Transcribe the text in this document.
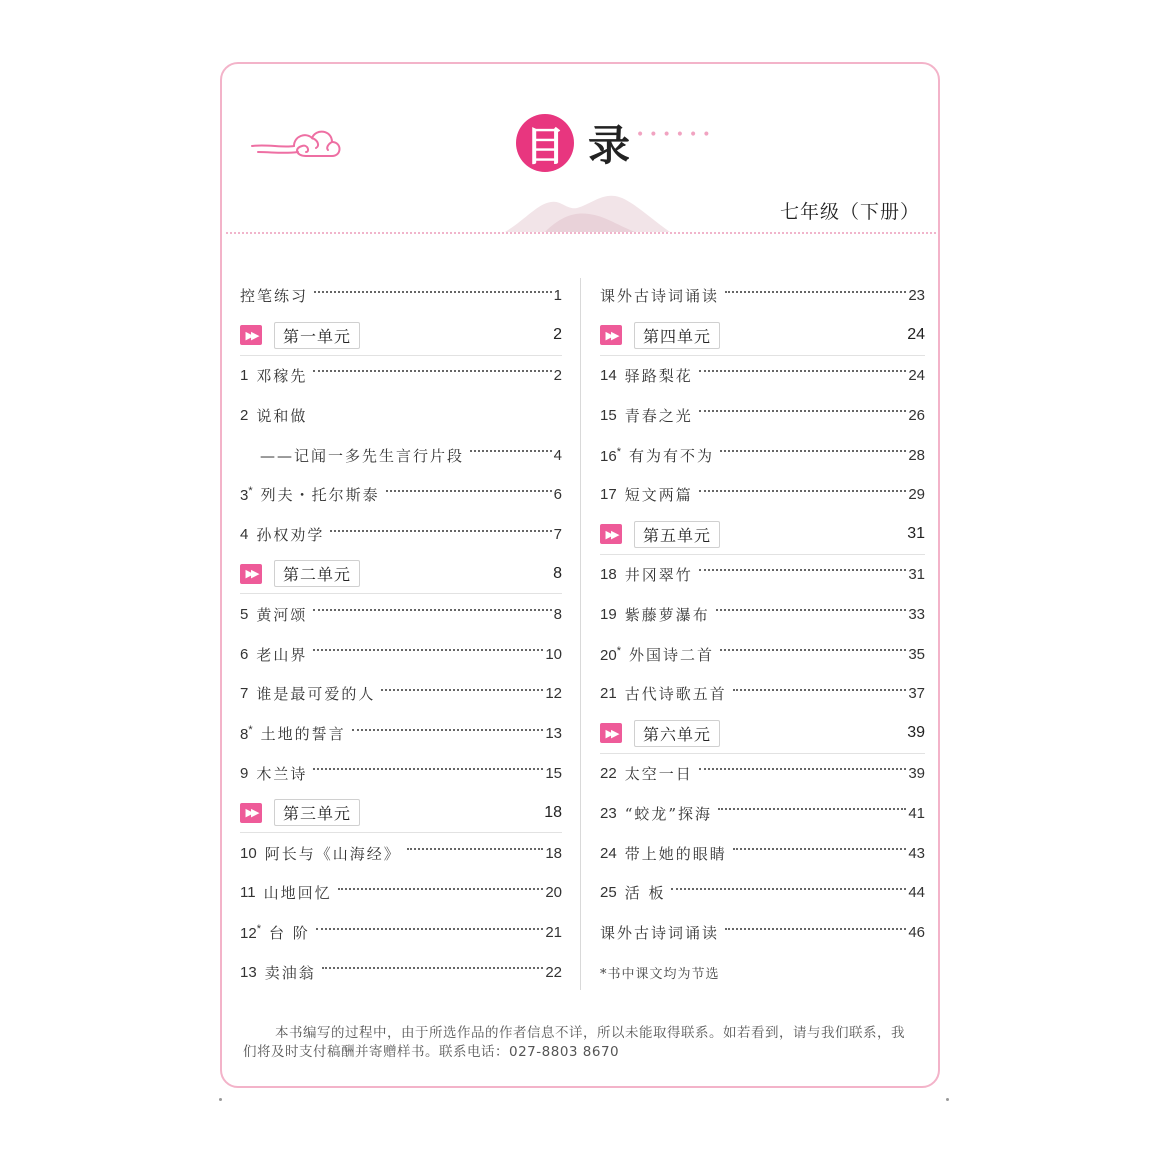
目 录 ••••••
七年级（下册）
控笔练习	1
▶▶	第一单元	2
1 邓稼先	2
2 说和做
——记闻一多先生言行片段	4
3* 列夫・托尔斯泰	6
4 孙权劝学	7
▶▶	第二单元	8
5 黄河颂	8
6 老山界	10
7 谁是最可爱的人	12
8* 土地的誓言	13
9 木兰诗	15
▶▶	第三单元	18
10 阿长与《山海经》	18
11 山地回忆	20
12* 台 阶	21
13 卖油翁	22
课外古诗词诵读	23
▶▶	第四单元	24
14 驿路梨花	24
15 青春之光	26
16* 有为有不为	28
17 短文两篇	29
▶▶	第五单元	31
18 井冈翠竹	31
19 紫藤萝瀑布	33
20* 外国诗二首	35
21 古代诗歌五首	37
▶▶	第六单元	39
22 太空一日	39
23 “蛟龙”探海	41
24 带上她的眼睛	43
25 活 板	44
课外古诗词诵读	46
*书中课文均为节选
本书编写的过程中，由于所选作品的作者信息不详，所以未能取得联系。如若看到，请与我们联系，我们将及时支付稿酬并寄赠样书。联系电话：027-8803 8670
